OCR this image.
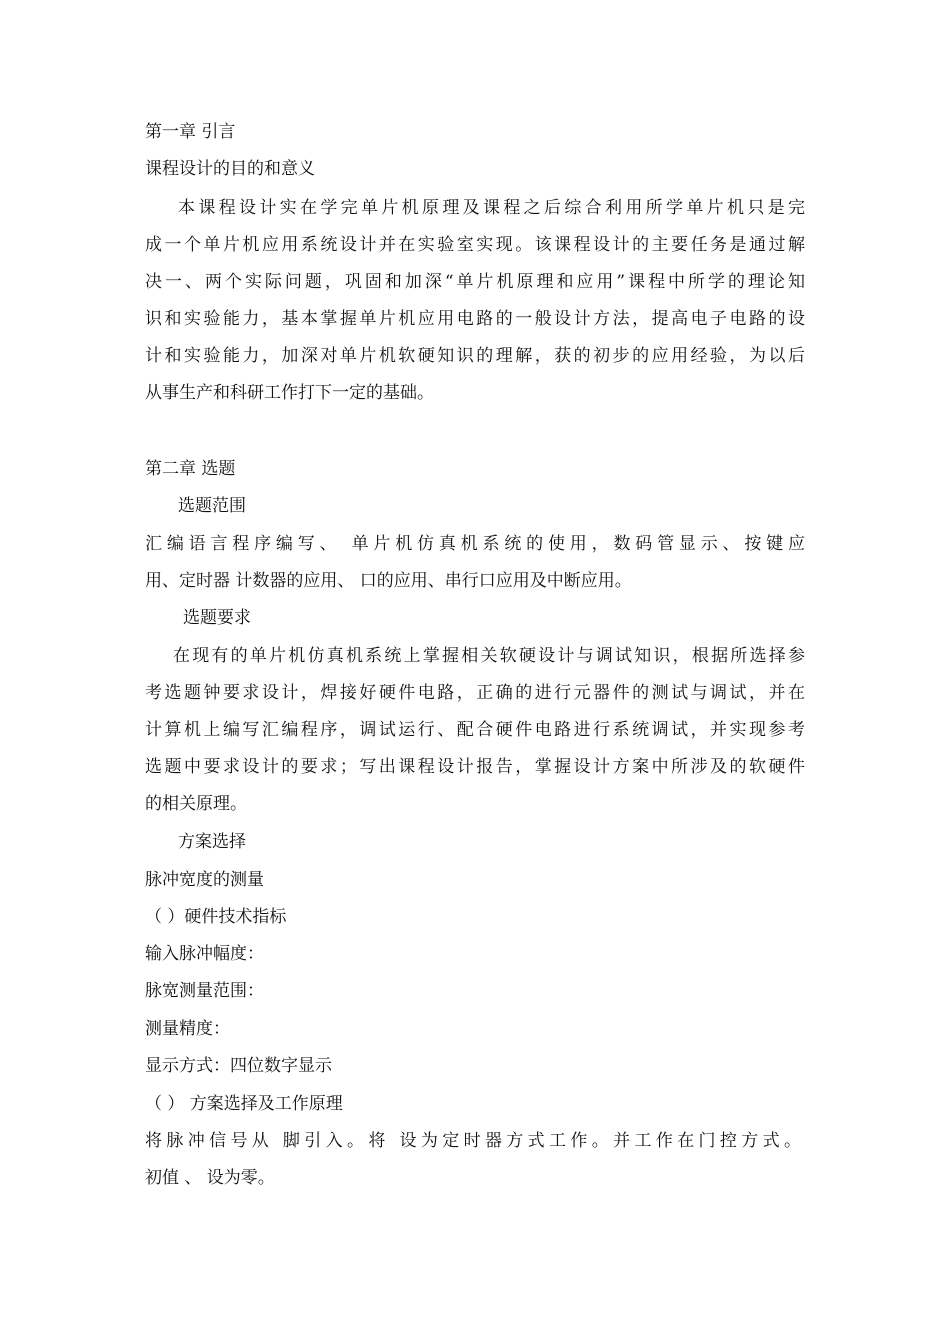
第一章 引言
课程设计的目的和意义
本课程设计实在学完单片机原理及课程之后综合利用所学单片机只是完
成一个单片机应用系统设计并在实验室实现。该课程设计的主要任务是通过解
决一、两个实际问题，巩固和加深“单片机原理和应用”课程中所学的理论知
识和实验能力，基本掌握单片机应用电路的一般设计方法，提高电子电路的设
计和实验能力，加深对单片机软硬知识的理解，获的初步的应用经验，为以后
从事生产和科研工作打下一定的基础。
第二章 选题
选题范围
汇编语言程序编写、 单片机仿真机系统的使用，数码管显示、按键应
用、定时器 计数器的应用、 口的应用、串行口应用及中断应用。
选题要求
在现有的单片机仿真机系统上掌握相关软硬设计与调试知识，根据所选择参
考选题钟要求设计，焊接好硬件电路，正确的进行元器件的测试与调试，并在
计算机上编写汇编程序，调试运行、配合硬件电路进行系统调试，并实现参考
选题中要求设计的要求；写出课程设计报告，掌握设计方案中所涉及的软硬件
的相关原理。
方案选择
脉冲宽度的测量
（ ）硬件技术指标
输入脉冲幅度：
脉宽测量范围：
测量精度：
显示方式：四位数字显示
（ ） 方案选择及工作原理
将脉冲信号从 脚引入。将 设为定时器方式工作。并工作在门控方式。
初值 、 设为零。
